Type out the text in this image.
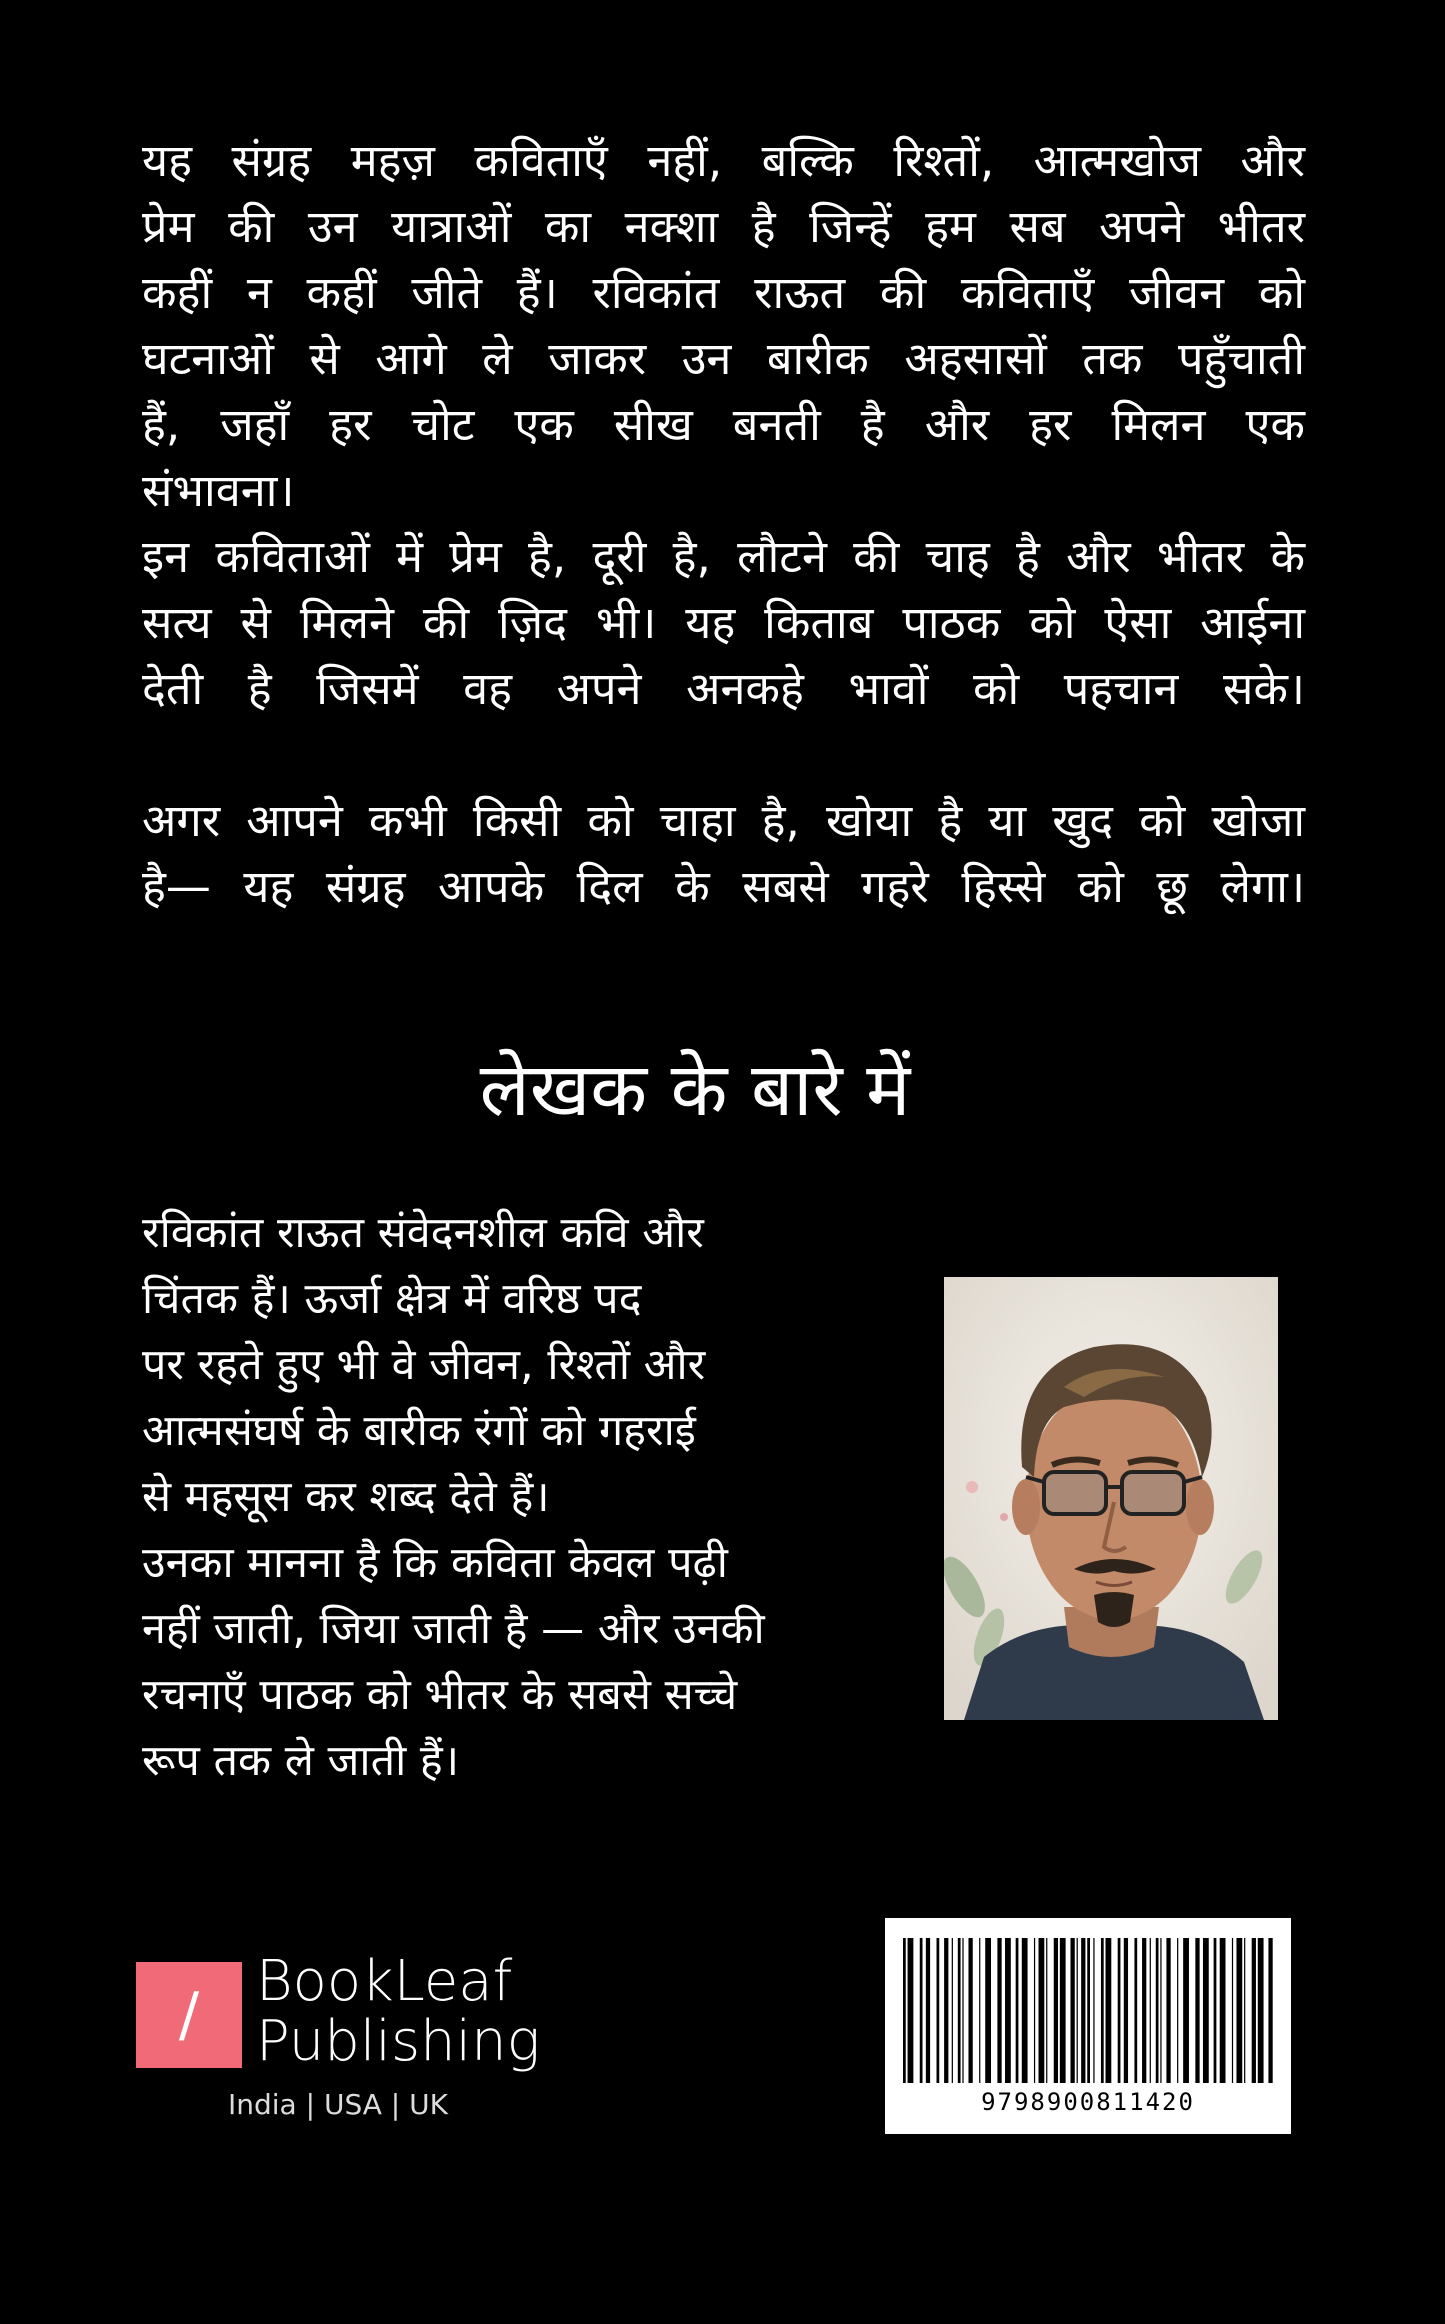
यह संग्रह महज़ कविताएँ नहीं, बल्कि रिश्तों, आत्मखोज और

प्रेम की उन यात्राओं का नक्शा है जिन्हें हम सब अपने भीतर

कहीं न कहीं जीते हैं। रविकांत राऊत की कविताएँ जीवन को

घटनाओं से आगे ले जाकर उन बारीक अहसासों तक पहुँचाती

हैं, जहाँ हर चोट एक सीख बनती है और हर मिलन एक

संभावना।

इन कविताओं में प्रेम है, दूरी है, लौटने की चाह है और भीतर के

सत्य से मिलने की ज़िद भी। यह किताब पाठक को ऐसा आईना

देती है जिसमें वह अपने अनकहे भावों को पहचान सके।

अगर आपने कभी किसी को चाहा है, खोया है या खुद को खोजा

है— यह संग्रह आपके दिल के सबसे गहरे हिस्से को छू लेगा।

लेखक के बारे में
रविकांत राऊत संवेदनशील कवि और
चिंतक हैं। ऊर्जा क्षेत्र में वरिष्ठ पद
पर रहते हुए भी वे जीवन, रिश्तों और
आत्मसंघर्ष के बारीक रंगों को गहराई
से महसूस कर शब्द देते हैं।
उनका मानना है कि कविता केवल पढ़ी
नहीं जाती, जिया जाती है — और उनकी
रचनाएँ पाठक को भीतर के सबसे सच्चे
रूप तक ले जाती हैं।
/	BookLeaf
Publishing
India | USA | UK	9798900811420
